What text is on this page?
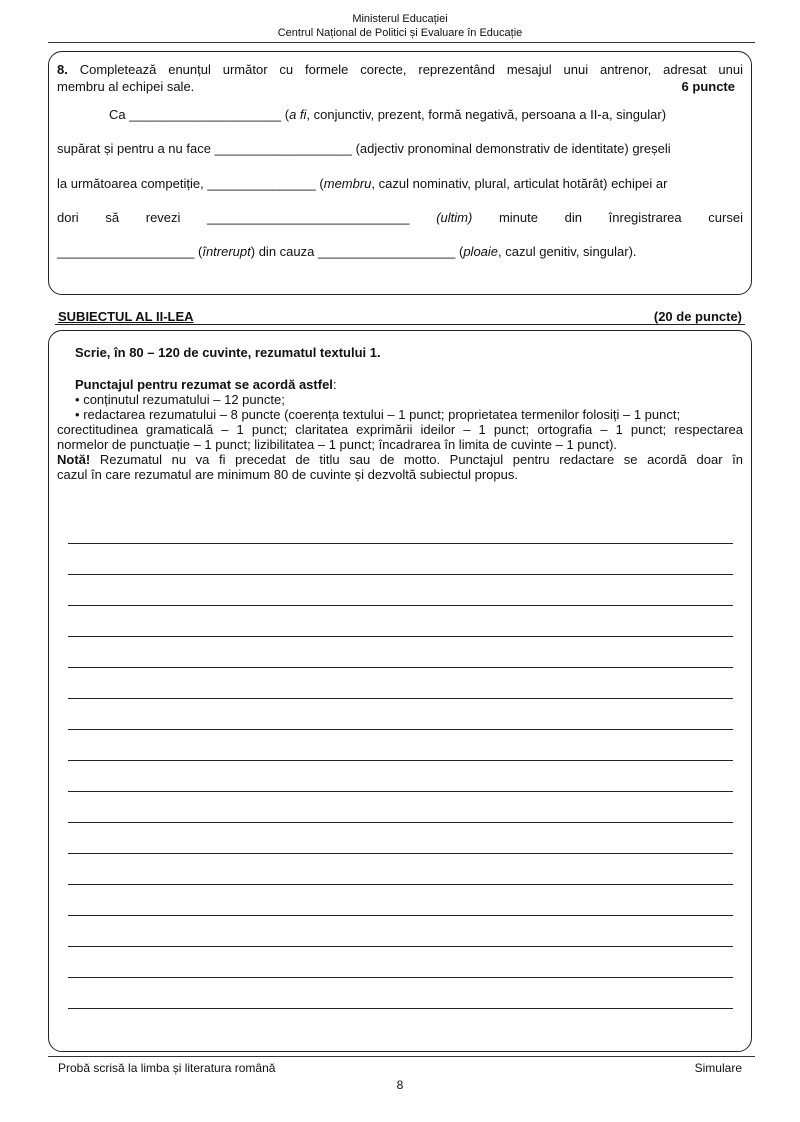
Ministerul Educației
Centrul Național de Politici și Evaluare în Educație
8. Completează enunțul următor cu formele corecte, reprezentând mesajul unui antrenor, adresat unui
membru al echipei sale.	6 puncte
Ca _____________________ (a fi, conjunctiv, prezent, formă negativă, persoana a II-a, singular)
supărat și pentru a nu face ___________________ (adjectiv pronominal demonstrativ de identitate) greșeli
la următoarea competiție, _______________ (membru, cazul nominativ, plural, articulat hotărât) echipei ar
dori să revezi ____________________________ (ultim) minute din înregistrarea cursei
___________________ (întrerupt) din cauza ___________________ (ploaie, cazul genitiv, singular).
SUBIECTUL AL II-LEA	(20 de puncte)
Scrie, în 80 – 120 de cuvinte, rezumatul textului 1.
Punctajul pentru rezumat se acordă astfel:
• conținutul rezumatului – 12 puncte;
• redactarea rezumatului – 8 puncte (coerența textului – 1 punct; proprietatea termenilor folosiți – 1 punct;
corectitudinea gramaticală – 1 punct; claritatea exprimării ideilor – 1 punct; ortografia – 1 punct; respectarea
normelor de punctuație – 1 punct; lizibilitatea – 1 punct; încadrarea în limita de cuvinte – 1 punct).
Notă! Rezumatul nu va fi precedat de titlu sau de motto. Punctajul pentru redactare se acordă doar în
cazul în care rezumatul are minimum 80 de cuvinte și dezvoltă subiectul propus.
Probă scrisă la limba și literatura română	Simulare
8
